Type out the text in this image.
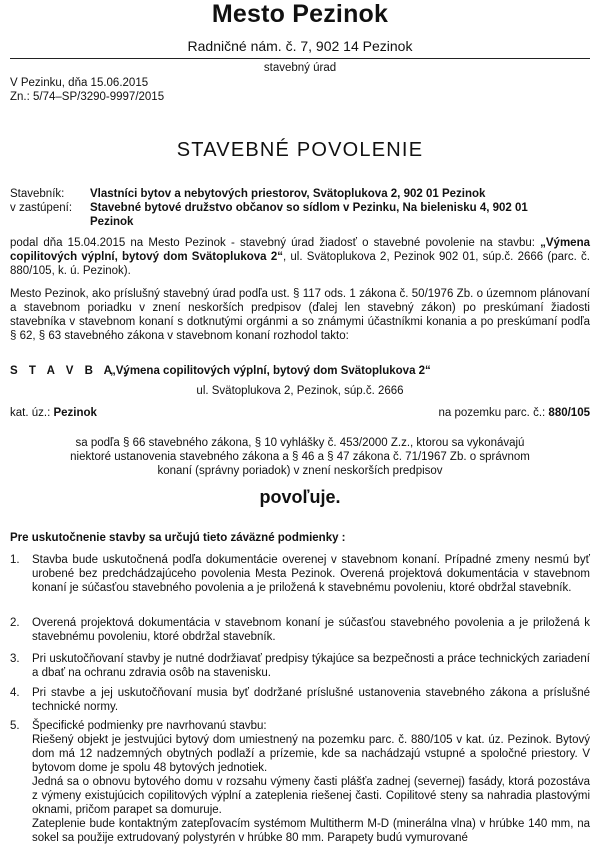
Mesto Pezinok
Radničné nám. č. 7, 902 14 Pezinok
stavebný úrad
V Pezinku, dňa 15.06.2015
Zn.: 5/74–SP/3290-9997/2015
STAVEBNÉ POVOLENIE
Stavebník: Vlastníci bytov a nebytových priestorov, Svätoplukova 2, 902 01 Pezinok
v zastúpení: Stavebné bytové družstvo občanov so sídlom v Pezinku, Na bielenisku 4, 902 01 Pezinok
podal dňa 15.04.2015 na Mesto Pezinok - stavebný úrad žiadosť o stavebné povolenie na stavbu: „Výmena copilitových výplní, bytový dom Svätoplukova 2“, ul. Svätoplukova 2, Pezinok 902 01, súp.č. 2666 (parc. č. 880/105, k. ú. Pezinok).
Mesto Pezinok, ako príslušný stavebný úrad podľa ust. § 117 ods. 1 zákona č. 50/1976 Zb. o územnom plánovaní a stavebnom poriadku v znení neskorších predpisov (ďalej len stavebný zákon) po preskúmaní žiadosti stavebníka v stavebnom konaní s dotknutými orgánmi a so známymi účastníkmi konania a po preskúmaní podľa § 62, § 63 stavebného zákona v stavebnom konaní rozhodol takto:
S T A V B A :
„Výmena copilitových výplní, bytový dom Svätoplukova 2“
ul. Svätoplukova 2, Pezinok, súp.č. 2666
kat. úz.: Pezinok	na pozemku parc. č.: 880/105
sa podľa § 66 stavebného zákona, § 10 vyhlášky č. 453/2000 Z.z., ktorou sa vykonávajú niektoré ustanovenia stavebného zákona a § 46 a § 47 zákona č. 71/1967 Zb. o správnom konaní (správny poriadok) v znení neskorších predpisov
povoľuje.
Pre uskutočnenie stavby sa určujú tieto záväzné podmienky :
1. Stavba bude uskutočnená podľa dokumentácie overenej v stavebnom konaní. Prípadné zmeny nesmú byť urobené bez predchádzajúceho povolenia Mesta Pezinok. Overená projektová dokumentácia v stavebnom konaní je súčasťou stavebného povolenia a je priložená k stavebnému povoleniu, ktoré obdržal stavebník.
2. Overená projektová dokumentácia v stavebnom konaní je súčasťou stavebného povolenia a je priložená k stavebnému povoleniu, ktoré obdržal stavebník.
3. Pri uskutočňovaní stavby je nutné dodržiavať predpisy týkajúce sa bezpečnosti a práce technických zariadení a dbať na ochranu zdravia osôb na stavenisku.
4. Pri stavbe a jej uskutočňovaní musia byť dodržané príslušné ustanovenia stavebného zákona a príslušné technické normy.
5. Špecifické podmienky pre navrhovanú stavbu:
Riešený objekt je jestvujúci bytový dom umiestnený na pozemku parc. č. 880/105 v kat. úz. Pezinok. Bytový dom má 12 nadzemných obytných podlaží a prízemie, kde sa nachádzajú vstupné a spoločné priestory. V bytovom dome je spolu 48 bytových jednotiek.
Jedná sa o obnovu bytového domu v rozsahu výmeny časti plášťa zadnej (severnej) fasády, ktorá pozostáva z výmeny existujúcich copilitových výplní a zateplenia riešenej časti. Copilitové steny sa nahradia plastovými oknami, pričom parapet sa domuruje.
Zateplenie bude kontaktným zatepľovacím systémom Multitherm M-D (minerálna vlna) v hrúbke 140 mm, na sokel sa použije extrudovaný polystyrén v hrúbke 80 mm. Parapety budú vymurované
